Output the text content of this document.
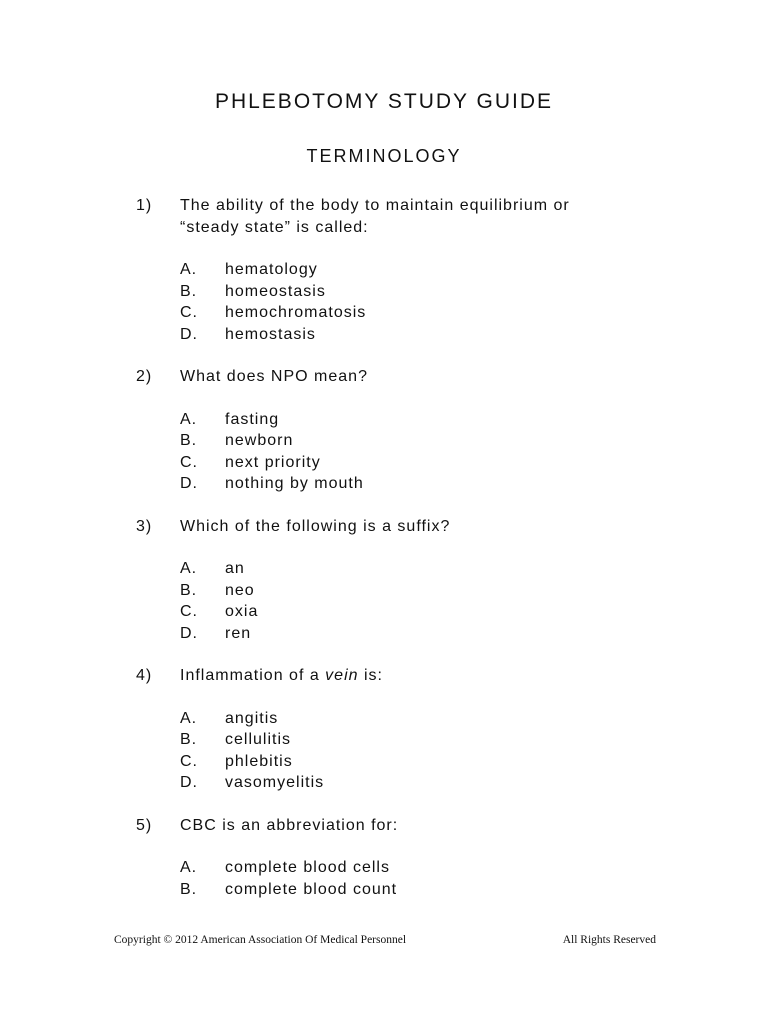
PHLEBOTOMY STUDY GUIDE
TERMINOLOGY
1)	The ability of the body to maintain equilibrium or
“steady state” is called:
A.	hematology
B.	homeostasis
C.	hemochromatosis
D.	hemostasis
2)	What does NPO mean?
A.	fasting
B.	newborn
C.	next priority
D.	nothing by mouth
3)	Which of the following is a suffix?
A.	an
B.	neo
C.	oxia
D.	ren
4)	Inflammation of a vein is:
A.	angitis
B.	cellulitis
C.	phlebitis
D.	vasomyelitis
5)	CBC is an abbreviation for:
A.	complete blood cells
B.	complete blood count
Copyright © 2012 American Association Of Medical Personnel	All Rights Reserved
